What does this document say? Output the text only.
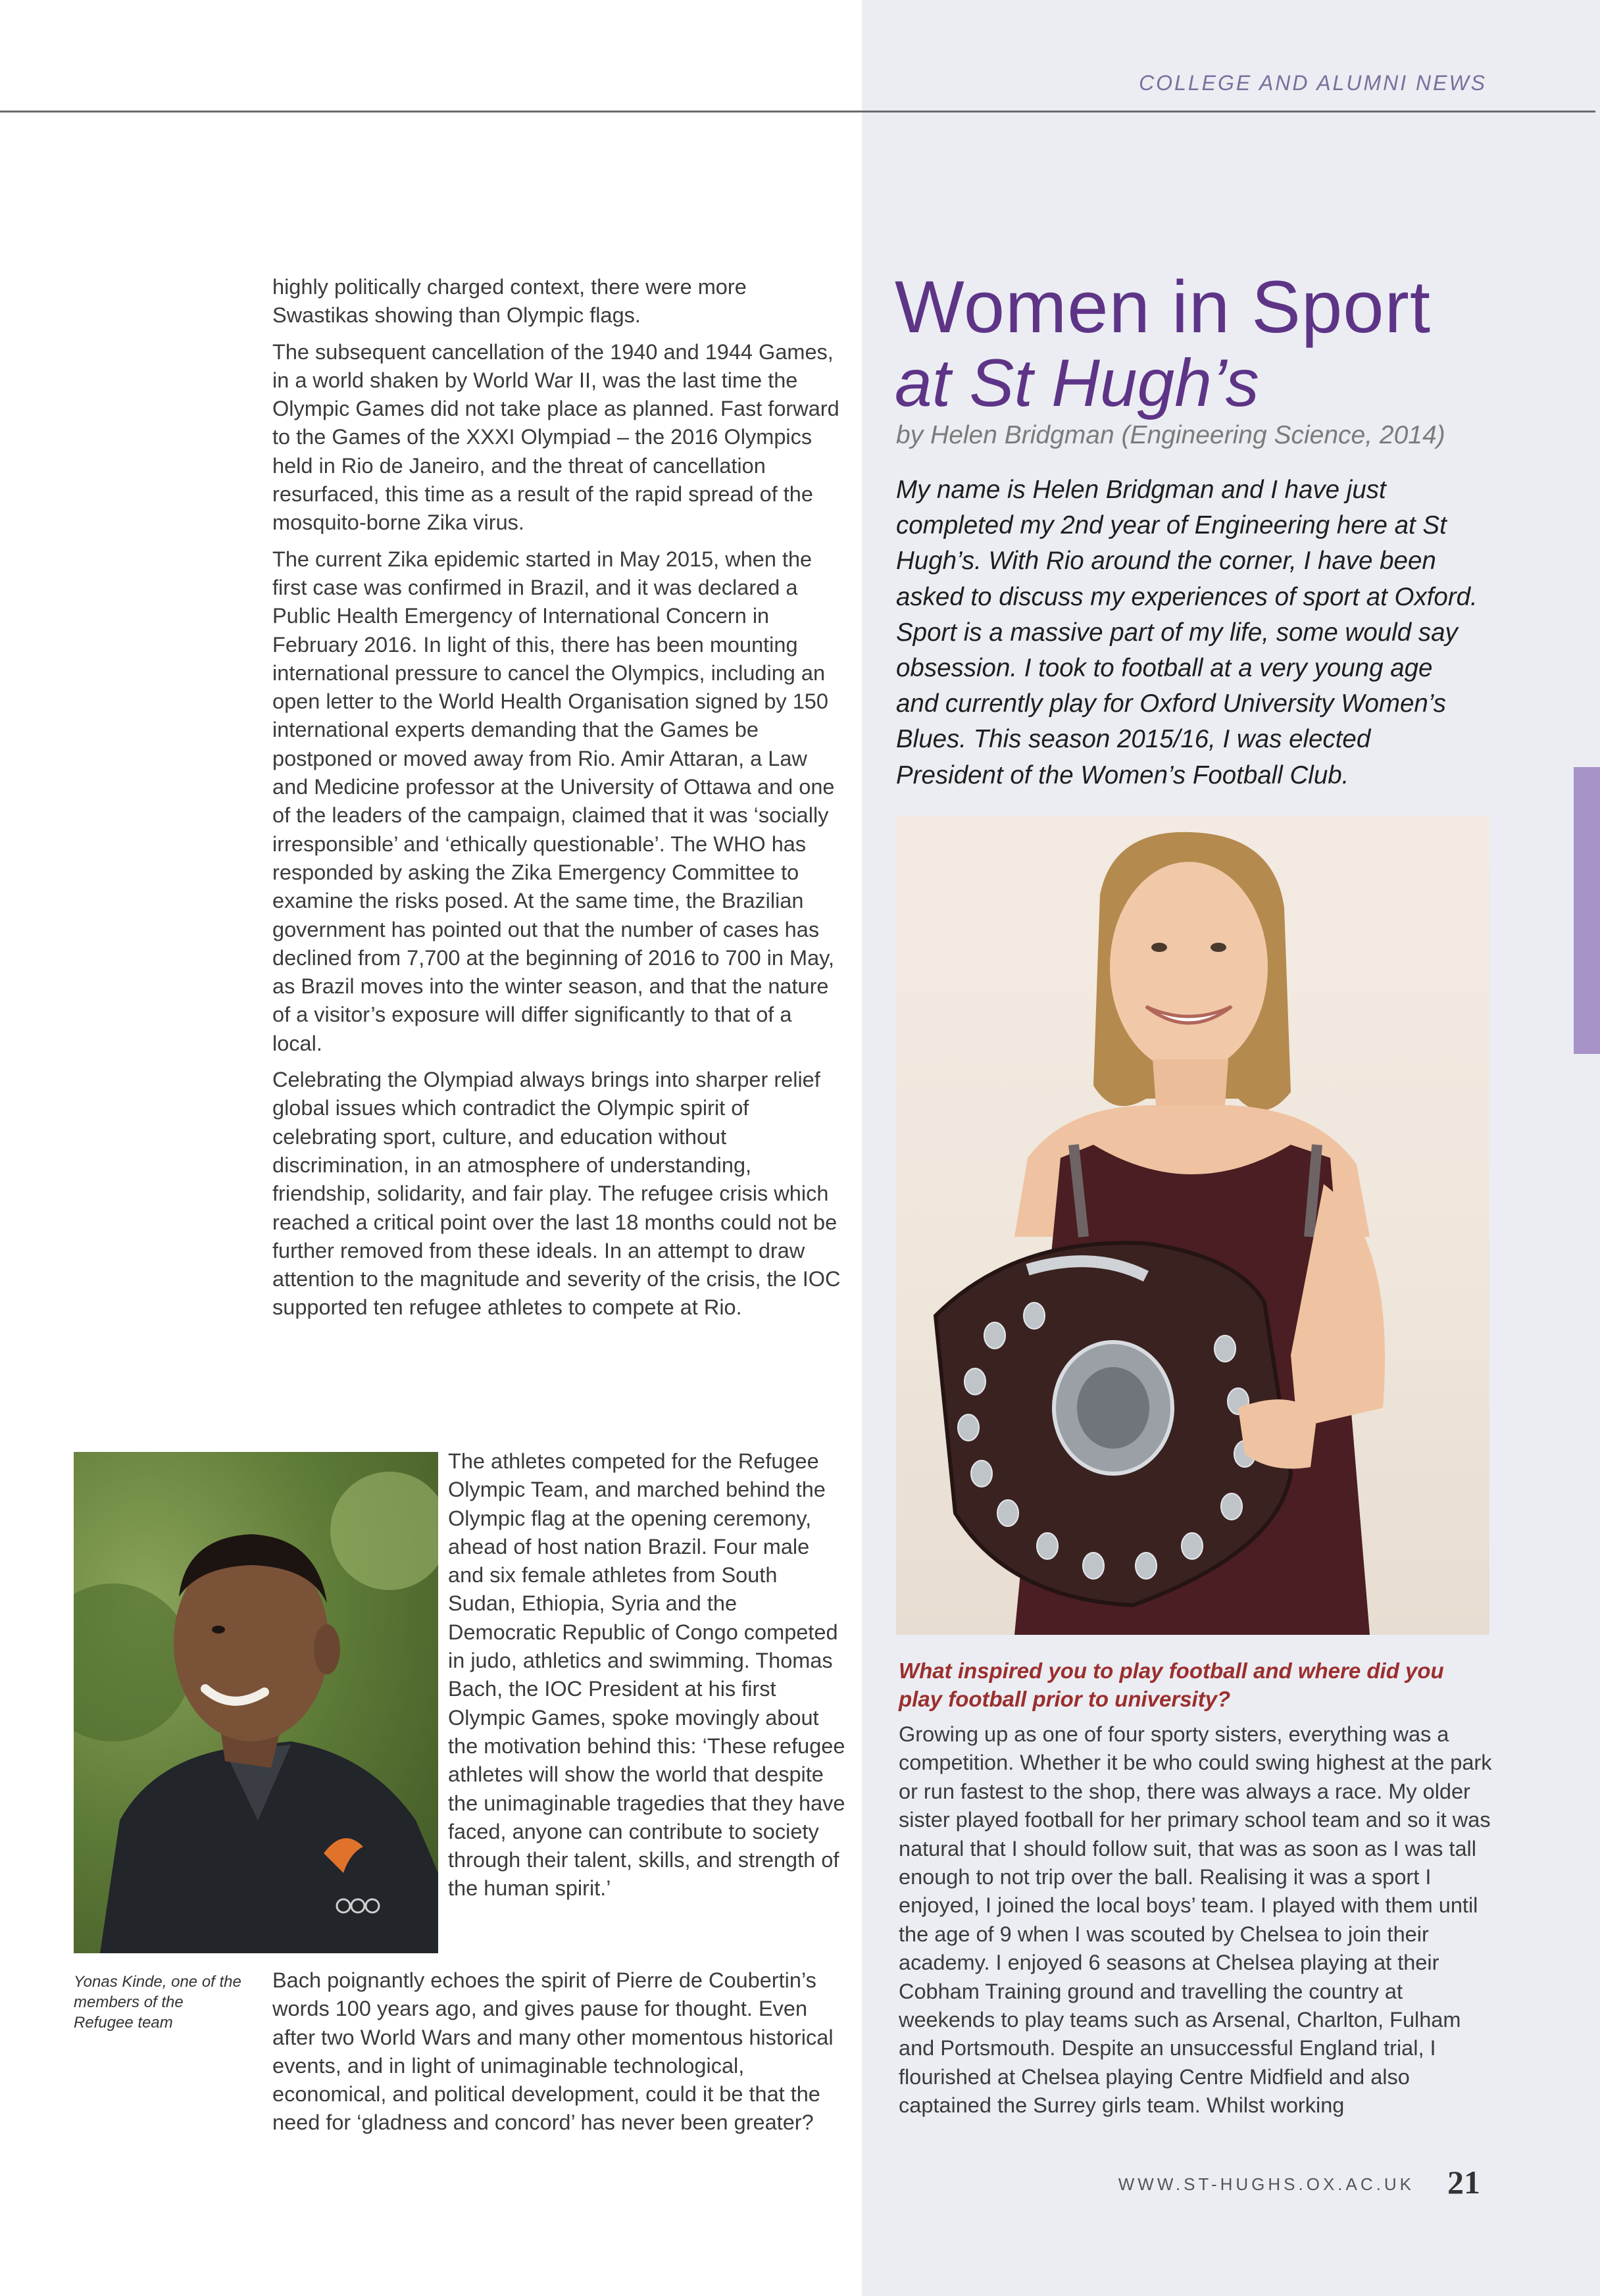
COLLEGE AND ALUMNI NEWS

highly politically charged context, there were more Swastikas showing than Olympic flags.

The subsequent cancellation of the 1940 and 1944 Games, in a world shaken by World War II, was the last time the Olympic Games did not take place as planned. Fast forward to the Games of the XXXI Olympiad – the 2016 Olympics held in Rio de Janeiro, and the threat of cancellation resurfaced, this time as a result of the rapid spread of the mosquito-borne Zika virus.

The current Zika epidemic started in May 2015, when the first case was confirmed in Brazil, and it was declared a Public Health Emergency of International Concern in February 2016. In light of this, there has been mounting international pressure to cancel the Olympics, including an open letter to the World Health Organisation signed by 150 international experts demanding that the Games be postponed or moved away from Rio. Amir Attaran, a Law and Medicine professor at the University of Ottawa and one of the leaders of the campaign, claimed that it was ‘socially irresponsible’ and ‘ethically questionable’. The WHO has responded by asking the Zika Emergency Committee to examine the risks posed. At the same time, the Brazilian government has pointed out that the number of cases has declined from 7,700 at the beginning of 2016 to 700 in May, as Brazil moves into the winter season, and that the nature of a visitor’s exposure will differ significantly to that of a local.

Celebrating the Olympiad always brings into sharper relief global issues which contradict the Olympic spirit of celebrating sport, culture, and education without discrimination, in an atmosphere of understanding, friendship, solidarity, and fair play. The refugee crisis which reached a critical point over the last 18 months could not be further removed from these ideals. In an attempt to draw attention to the magnitude and severity of the crisis, the IOC supported ten refugee athletes to compete at Rio.

The athletes competed for the Refugee Olympic Team, and marched behind the Olympic flag at the opening ceremony, ahead of host nation Brazil. Four male and six female athletes from South Sudan, Ethiopia, Syria and the Democratic Republic of Congo competed in judo, athletics and swimming. Thomas Bach, the IOC President at his first Olympic Games, spoke movingly about the motivation behind this: ‘These refugee athletes will show the world that despite the unimaginable tragedies that they have faced, anyone can contribute to society through their talent, skills, and strength of the human spirit.’
Yonas Kinde, one of the members of the Refugee team
Bach poignantly echoes the spirit of Pierre de Coubertin’s words 100 years ago, and gives pause for thought. Even after two World Wars and many other momentous historical events, and in light of unimaginable technological, economical, and political development, could it be that the need for ‘gladness and concord’ has never been greater?
Women in Sport
at St Hugh’s
by Helen Bridgman (Engineering Science, 2014)
My name is Helen Bridgman and I have just completed my 2nd year of Engineering here at St Hugh’s. With Rio around the corner, I have been asked to discuss my experiences of sport at Oxford. Sport is a massive part of my life, some would say obsession. I took to football at a very young age and currently play for Oxford University Women’s Blues. This season 2015/16, I was elected President of the Women’s Football Club.
What inspired you to play football and where did you play football prior to university?
Growing up as one of four sporty sisters, everything was a competition. Whether it be who could swing highest at the park or run fastest to the shop, there was always a race. My older sister played football for her primary school team and so it was natural that I should follow suit, that was as soon as I was tall enough to not trip over the ball. Realising it was a sport I enjoyed, I joined the local boys’ team. I played with them until the age of 9 when I was scouted by Chelsea to join their academy. I enjoyed 6 seasons at Chelsea playing at their Cobham Training ground and travelling the country at weekends to play teams such as Arsenal, Charlton, Fulham and Portsmouth. Despite an unsuccessful England trial, I flourished at Chelsea playing Centre Midfield and also captained the Surrey girls team. Whilst working
WWW.ST-HUGHS.OX.AC.UK 21
